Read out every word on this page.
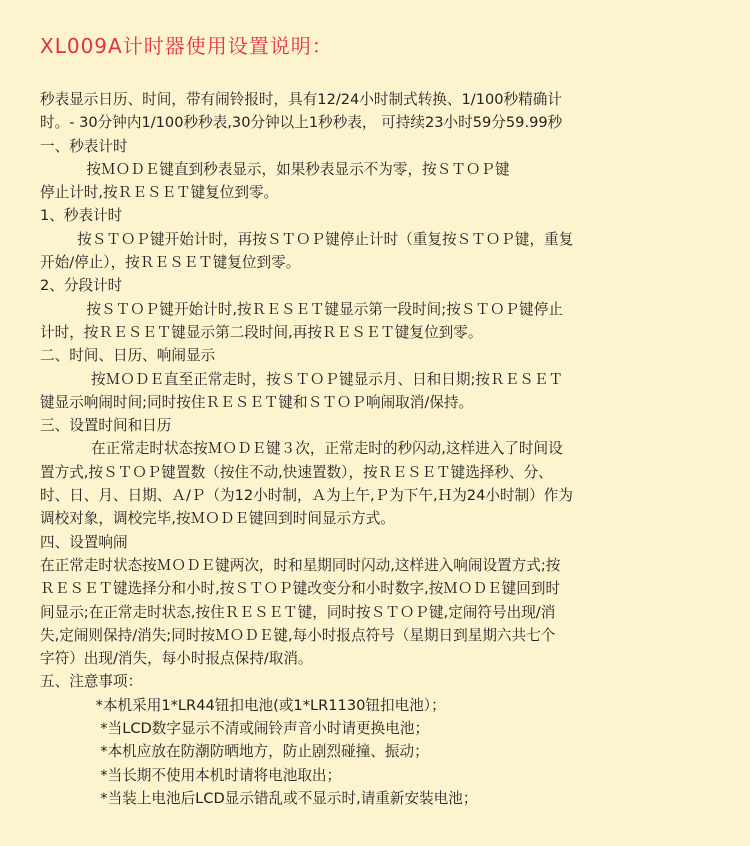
XL009A计时器使用设置说明：
秒表显示日历、时间，带有闹铃报时，具有12/24小时制式转换、1/100秒精确计
时。- 30分钟内1/100秒秒表,30分钟以上1秒秒表， 可持续23小时59分59.99秒
一、秒表计时
按ＭＯＤＥ键直到秒表显示，如果秒表显示不为零，按ＳＴＯＰ键
停止计时,按ＲＥＳＥＴ键复位到零。
1、秒表计时
按ＳＴＯＰ键开始计时，再按ＳＴＯＰ键停止计时（重复按ＳＴＯＰ键，重复
开始/停止），按ＲＥＳＥＴ键复位到零。
2、分段计时
按ＳＴＯＰ键开始计时,按ＲＥＳＥＴ键显示第一段时间;按ＳＴＯＰ键停止
计时，按ＲＥＳＥＴ键显示第二段时间,再按ＲＥＳＥＴ键复位到零。
二、时间、日历、响闹显示
按ＭＯＤＥ直至正常走时，按ＳＴＯＰ键显示月、日和日期;按ＲＥＳＥＴ
键显示响闹时间;同时按住ＲＥＳＥＴ键和ＳＴＯＰ响闹取消/保持。
三、设置时间和日历
在正常走时状态按ＭＯＤＥ键３次，正常走时的秒闪动,这样进入了时间设
置方式,按ＳＴＯＰ键置数（按住不动,快速置数），按ＲＥＳＥＴ键选择秒、分、
时、日、月、日期、Ａ/Ｐ（为12小时制，Ａ为上午,Ｐ为下午,Ｈ为24小时制）作为
调校对象，调校完毕,按ＭＯＤＥ键回到时间显示方式。
四、设置响闹
在正常走时状态按ＭＯＤＥ键两次，时和星期同时闪动,这样进入响闹设置方式;按
ＲＥＳＥＴ键选择分和小时,按ＳＴＯＰ键改变分和小时数字,按ＭＯＤＥ键回到时
间显示;在正常走时状态,按住ＲＥＳＥＴ键，同时按ＳＴＯＰ键,定闹符号出现/消
失,定闹则保持/消失;同时按ＭＯＤＥ键,每小时报点符号（星期日到星期六共七个
字符）出现/消失，每小时报点保持/取消。
五、注意事项：
*本机采用1*LR44钮扣电池(或1*LR1130钮扣电池）；
*当LCD数字显示不清或闹铃声音小时请更换电池；
*本机应放在防潮防晒地方，防止剧烈碰撞、振动；
*当长期不使用本机时请将电池取出；
*当装上电池后LCD显示错乱或不显示时,请重新安装电池；
